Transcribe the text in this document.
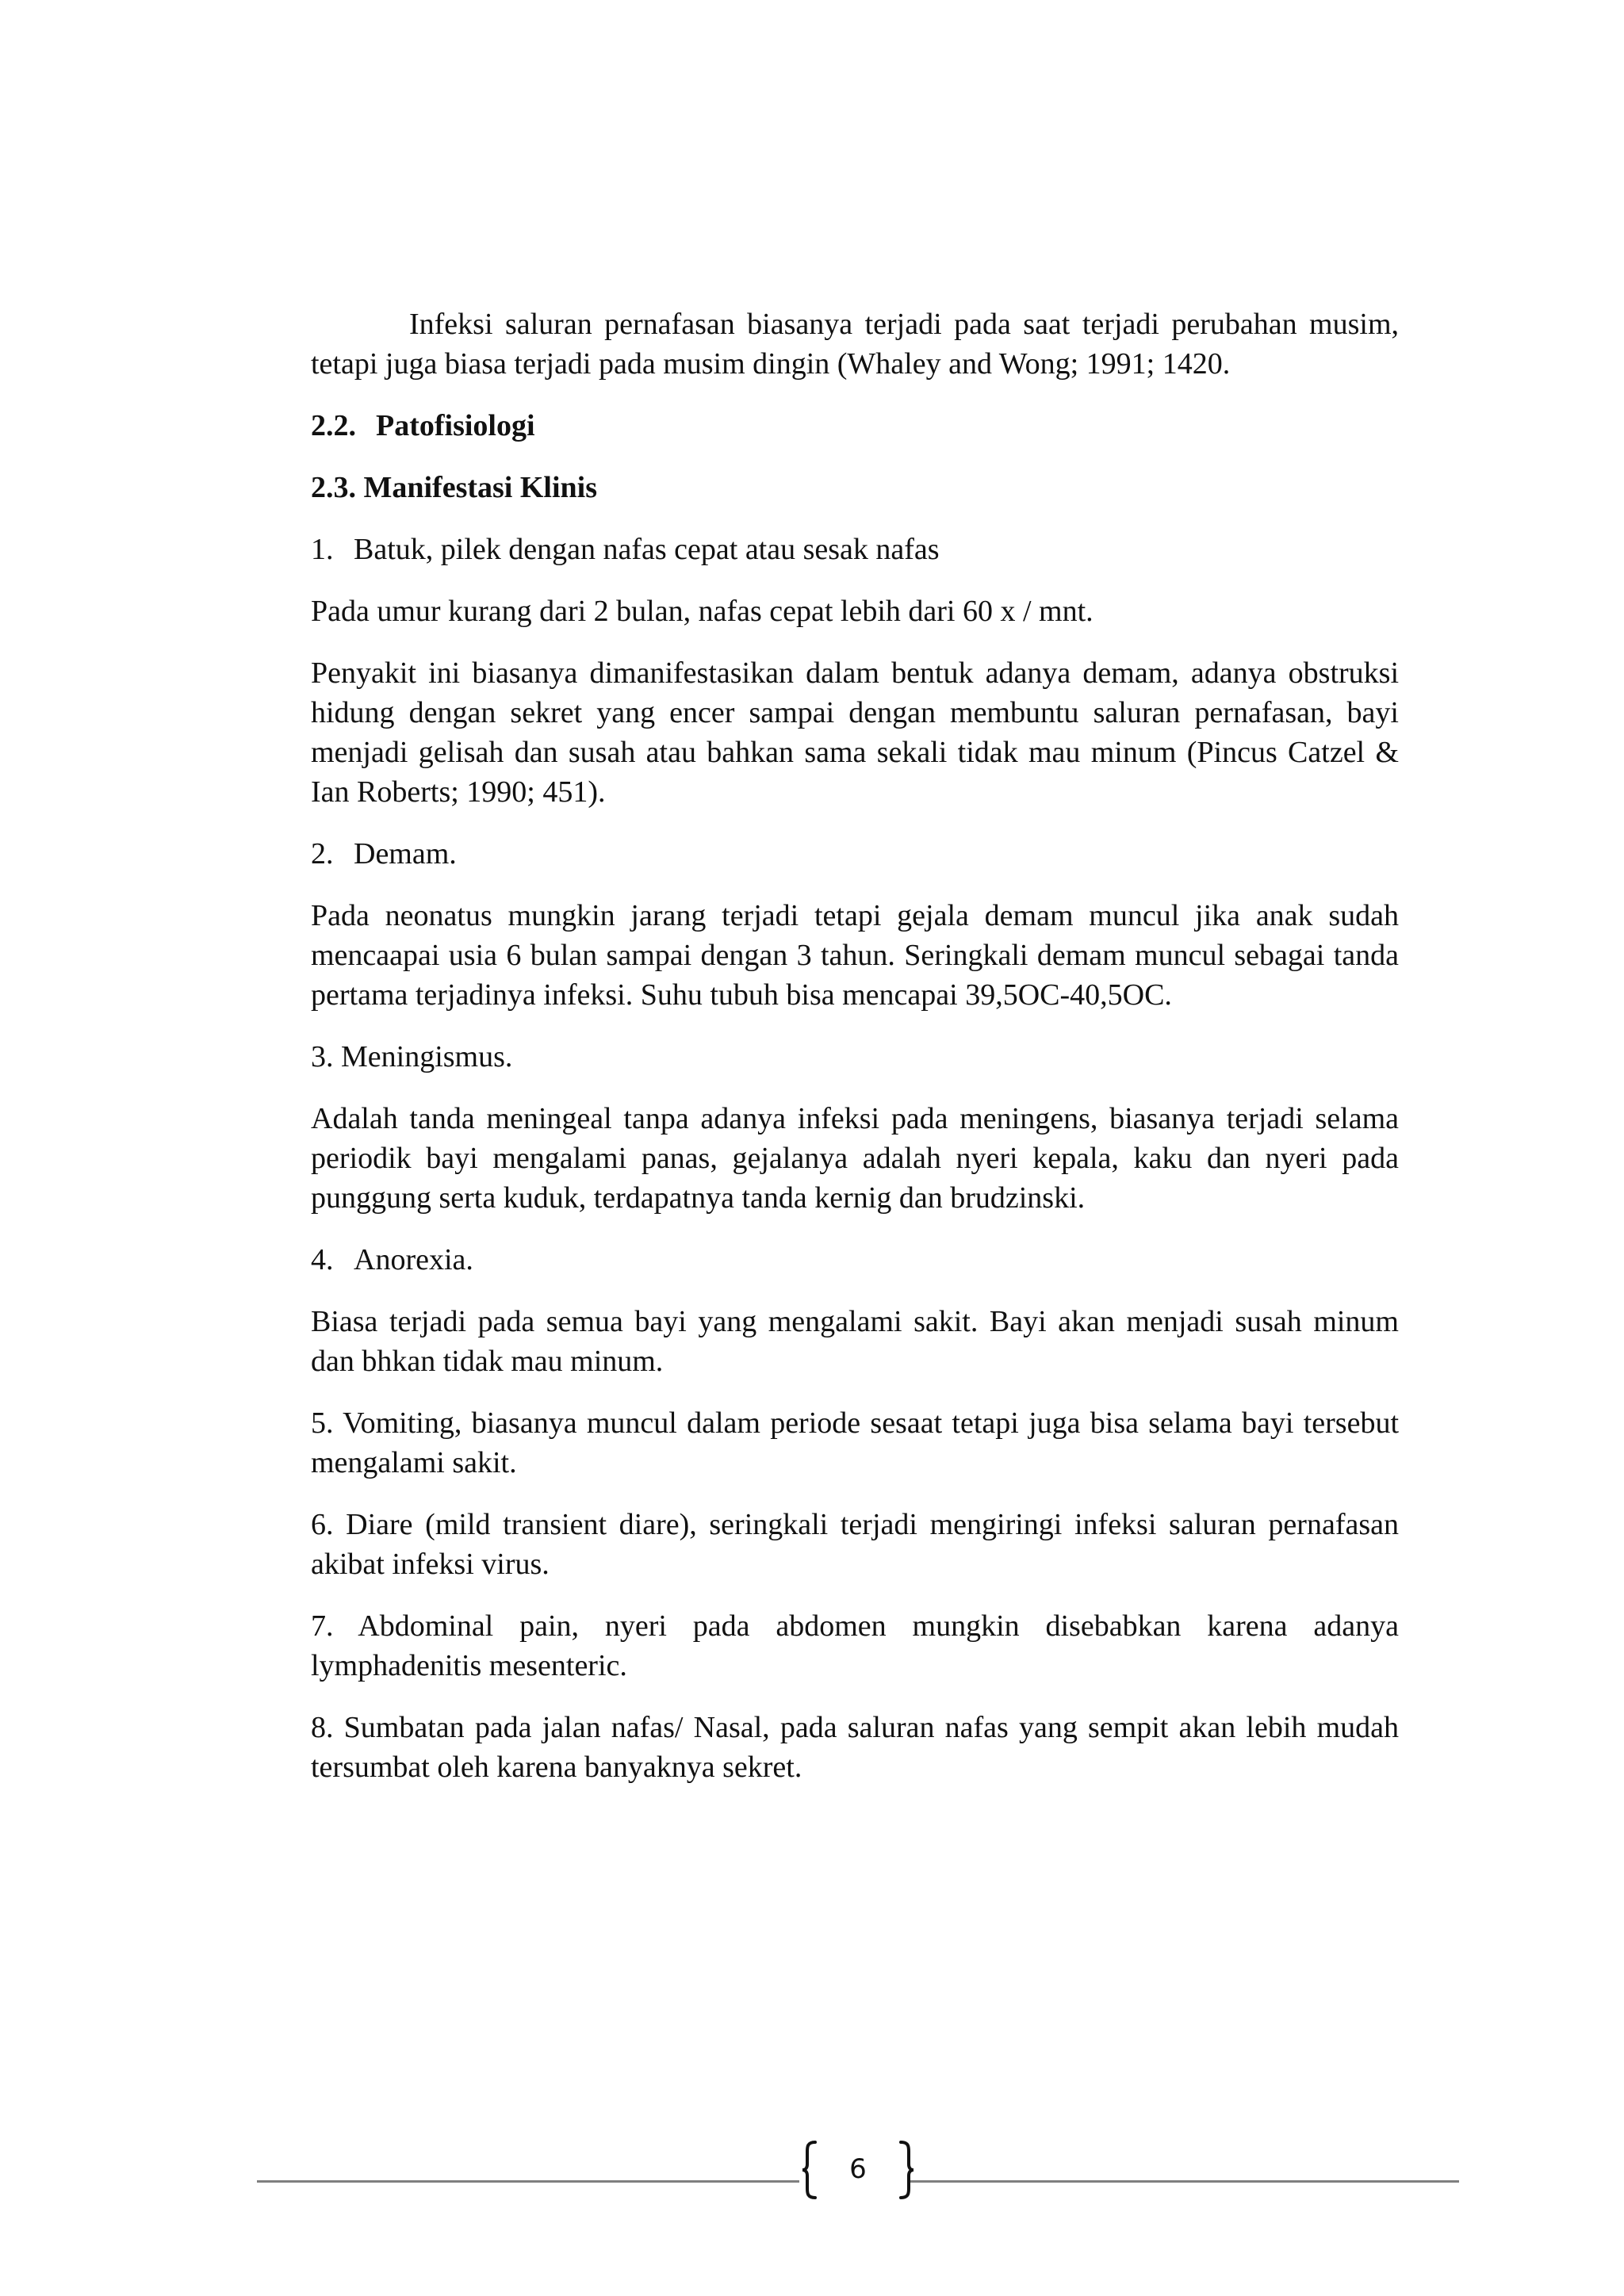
Infeksi saluran pernafasan biasanya terjadi pada saat terjadi perubahan musim, tetapi juga biasa terjadi pada musim dingin (Whaley and Wong; 1991; 1420.

2.2. Patofisiologi
2.3. Manifestasi Klinis
1. Batuk, pilek dengan nafas cepat atau sesak nafas

Pada umur kurang dari 2 bulan, nafas cepat lebih dari 60 x / mnt.

Penyakit ini biasanya dimanifestasikan dalam bentuk adanya demam, adanya obstruksi hidung dengan sekret yang encer sampai dengan membuntu saluran pernafasan, bayi menjadi gelisah dan susah atau bahkan sama sekali tidak mau minum (Pincus Catzel & Ian Roberts; 1990; 451).

2. Demam.

Pada neonatus mungkin jarang terjadi tetapi gejala demam muncul jika anak sudah mencaapai usia 6 bulan sampai dengan 3 tahun. Seringkali demam muncul sebagai tanda pertama terjadinya infeksi. Suhu tubuh bisa mencapai 39,5OC-40,5OC.

3. Meningismus.

Adalah tanda meningeal tanpa adanya infeksi pada meningens, biasanya terjadi selama periodik bayi mengalami panas, gejalanya adalah nyeri kepala, kaku dan nyeri pada punggung serta kuduk, terdapatnya tanda kernig dan brudzinski.

4. Anorexia.

Biasa terjadi pada semua bayi yang mengalami sakit. Bayi akan menjadi susah minum dan bhkan tidak mau minum.

5. Vomiting, biasanya muncul dalam periode sesaat tetapi juga bisa selama bayi tersebut mengalami sakit.

6. Diare (mild transient diare), seringkali terjadi mengiringi infeksi saluran pernafasan akibat infeksi virus.

7. Abdominal pain, nyeri pada abdomen mungkin disebabkan karena adanya lymphadenitis mesenteric.

8. Sumbatan pada jalan nafas/ Nasal, pada saluran nafas yang sempit akan lebih mudah tersumbat oleh karena banyaknya sekret.

6
